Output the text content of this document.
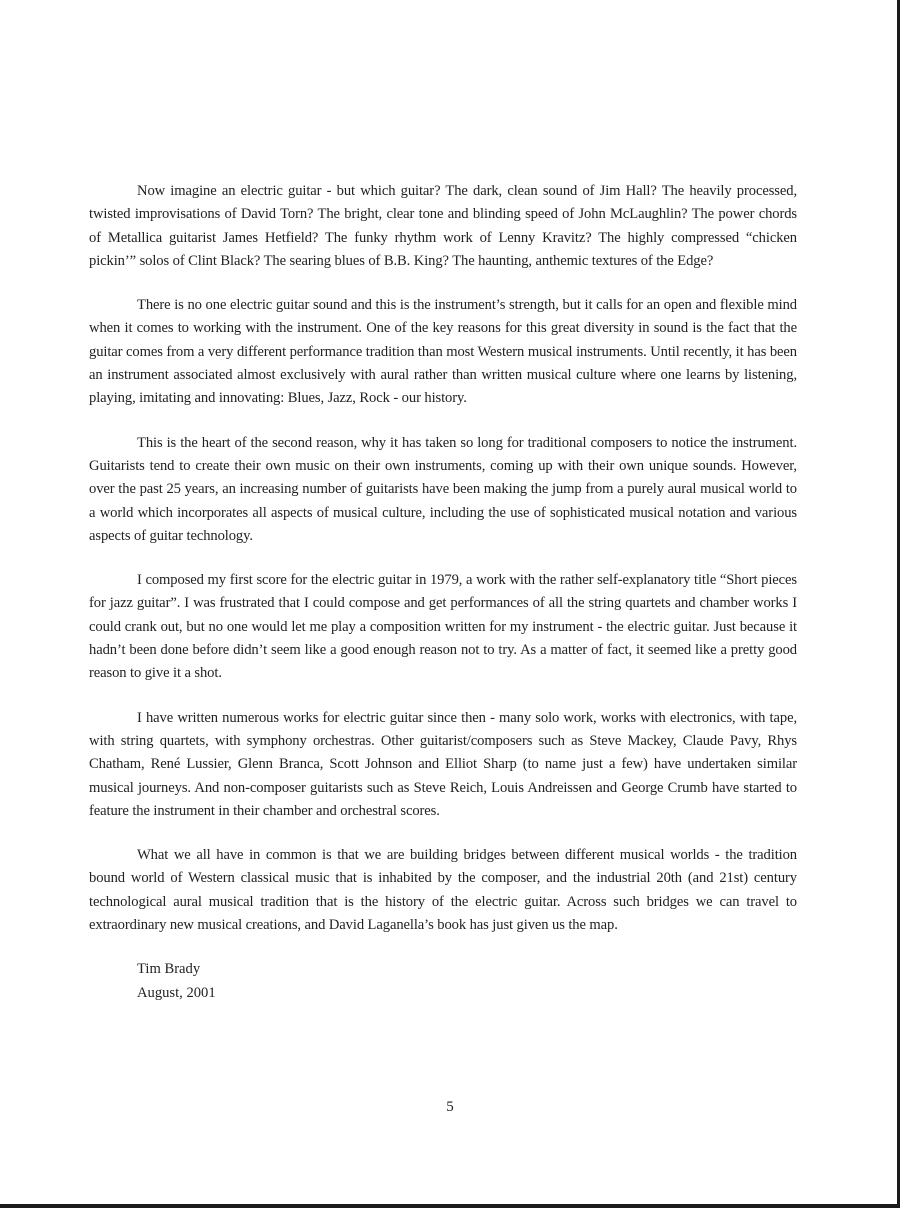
Now imagine an electric guitar - but which guitar? The dark, clean sound of Jim Hall? The heavily processed, twisted improvisations of David Torn? The bright, clear tone and blinding speed of John McLaughlin? The power chords of Metallica guitarist James Hetfield? The funky rhythm work of Lenny Kravitz? The highly compressed “chicken pickin’” solos of Clint Black? The searing blues of B.B. King? The haunting, anthemic textures of the Edge?

There is no one electric guitar sound and this is the instrument’s strength, but it calls for an open and flexible mind when it comes to working with the instrument. One of the key reasons for this great diversity in sound is the fact that the guitar comes from a very different performance tradition than most Western musical instruments. Until recently, it has been an instrument associated almost exclusively with aural rather than written musical culture where one learns by listening, playing, imitating and innovating: Blues, Jazz, Rock - our history.

This is the heart of the second reason, why it has taken so long for traditional composers to notice the instrument. Guitarists tend to create their own music on their own instruments, coming up with their own unique sounds. However, over the past 25 years, an increasing number of guitarists have been making the jump from a purely aural musical world to a world which incorporates all aspects of musical culture, including the use of sophisticated musical notation and various aspects of guitar technology.

I composed my first score for the electric guitar in 1979, a work with the rather self-explanatory title “Short pieces for jazz guitar”. I was frustrated that I could compose and get performances of all the string quartets and chamber works I could crank out, but no one would let me play a composition written for my instrument - the electric guitar. Just because it hadn’t been done before didn’t seem like a good enough reason not to try. As a matter of fact, it seemed like a pretty good reason to give it a shot.

I have written numerous works for electric guitar since then - many solo work, works with electronics, with tape, with string quartets, with symphony orchestras. Other guitarist/composers such as Steve Mackey, Claude Pavy, Rhys Chatham, René Lussier, Glenn Branca, Scott Johnson and Elliot Sharp (to name just a few) have undertaken similar musical journeys. And non-composer guitarists such as Steve Reich, Louis Andreissen and George Crumb have started to feature the instrument in their chamber and orchestral scores.

What we all have in common is that we are building bridges between different musical worlds - the tradition bound world of Western classical music that is inhabited by the composer, and the industrial 20th (and 21st) century technological aural musical tradition that is the history of the electric guitar. Across such bridges we can travel to extraordinary new musical creations, and David Laganella’s book has just given us the map.

Tim Brady
August, 2001
5
